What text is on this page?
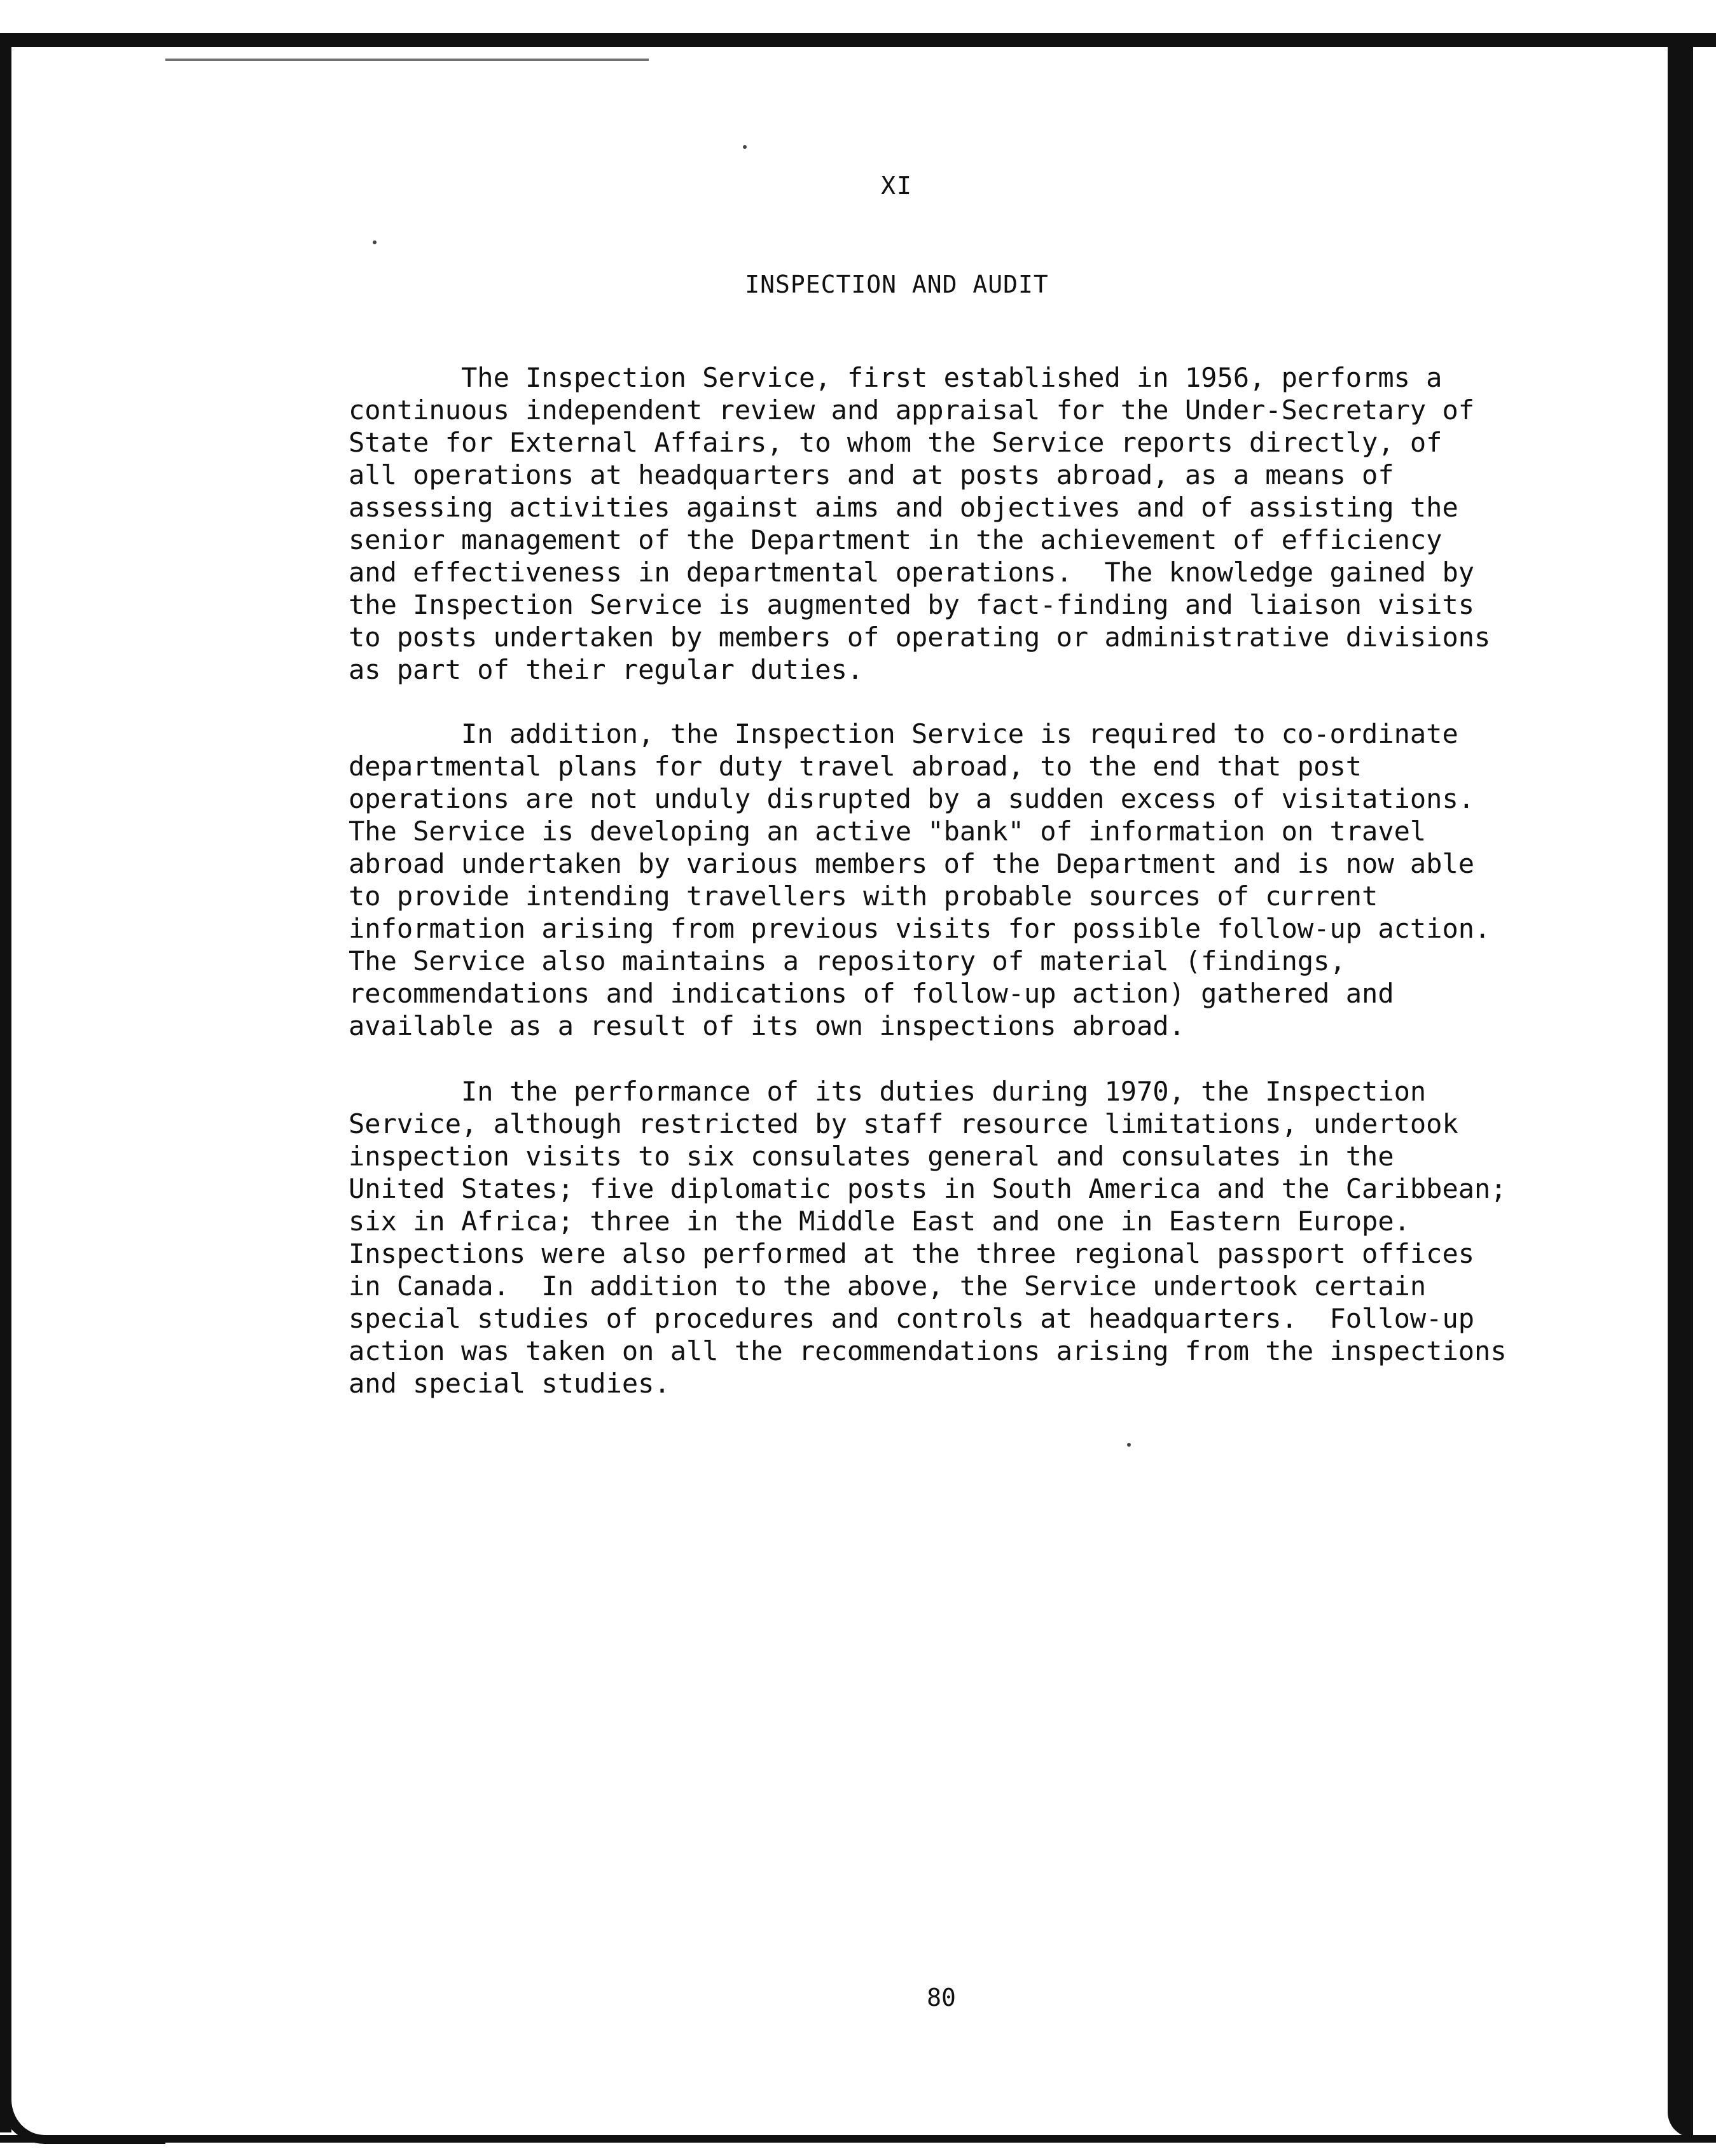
XI
INSPECTION AND AUDIT
The Inspection Service, first established in 1956, performs a
continuous independent review and appraisal for the Under-Secretary of
State for External Affairs, to whom the Service reports directly, of
all operations at headquarters and at posts abroad, as a means of
assessing activities against aims and objectives and of assisting the
senior management of the Department in the achievement of efficiency
and effectiveness in departmental operations.  The knowledge gained by
the Inspection Service is augmented by fact-finding and liaison visits
to posts undertaken by members of operating or administrative divisions
as part of their regular duties.
In addition, the Inspection Service is required to co-ordinate
departmental plans for duty travel abroad, to the end that post
operations are not unduly disrupted by a sudden excess of visitations.
The Service is developing an active "bank" of information on travel
abroad undertaken by various members of the Department and is now able
to provide intending travellers with probable sources of current
information arising from previous visits for possible follow-up action.
The Service also maintains a repository of material (findings,
recommendations and indications of follow-up action) gathered and
available as a result of its own inspections abroad.
In the performance of its duties during 1970, the Inspection
Service, although restricted by staff resource limitations, undertook
inspection visits to six consulates general and consulates in the
United States; five diplomatic posts in South America and the Caribbean;
six in Africa; three in the Middle East and one in Eastern Europe.
Inspections were also performed at the three regional passport offices
in Canada.  In addition to the above, the Service undertook certain
special studies of procedures and controls at headquarters.  Follow-up
action was taken on all the recommendations arising from the inspections
and special studies.
80
